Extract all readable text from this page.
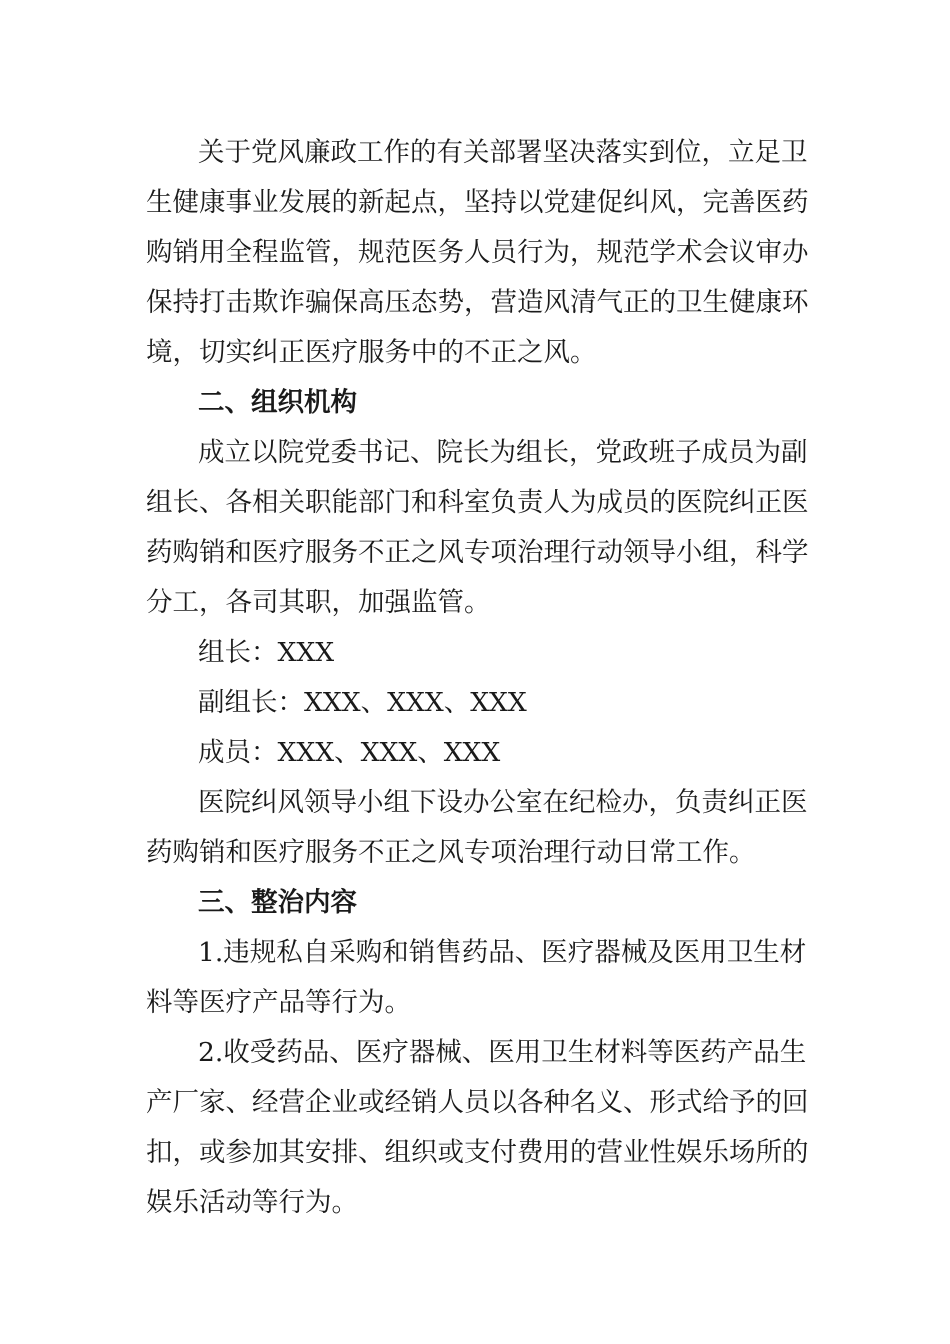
关于党风廉政工作的有关部署坚决落实到位，立足卫
生健康事业发展的新起点，坚持以党建促纠风，完善医药
购销用全程监管，规范医务人员行为，规范学术会议审办
保持打击欺诈骗保高压态势，营造风清气正的卫生健康环
境，切实纠正医疗服务中的不正之风。
二、组织机构
成立以院党委书记、院长为组长，党政班子成员为副
组长、各相关职能部门和科室负责人为成员的医院纠正医
药购销和医疗服务不正之风专项治理行动领导小组，科学
分工，各司其职，加强监管。
组长：XXX
副组长：XXX、XXX、XXX
成员：XXX、XXX、XXX
医院纠风领导小组下设办公室在纪检办，负责纠正医
药购销和医疗服务不正之风专项治理行动日常工作。
三、整治内容
1.违规私自采购和销售药品、医疗器械及医用卫生材
料等医疗产品等行为。
2.收受药品、医疗器械、医用卫生材料等医药产品生
产厂家、经营企业或经销人员以各种名义、形式给予的回
扣，或参加其安排、组织或支付费用的营业性娱乐场所的
娱乐活动等行为。
